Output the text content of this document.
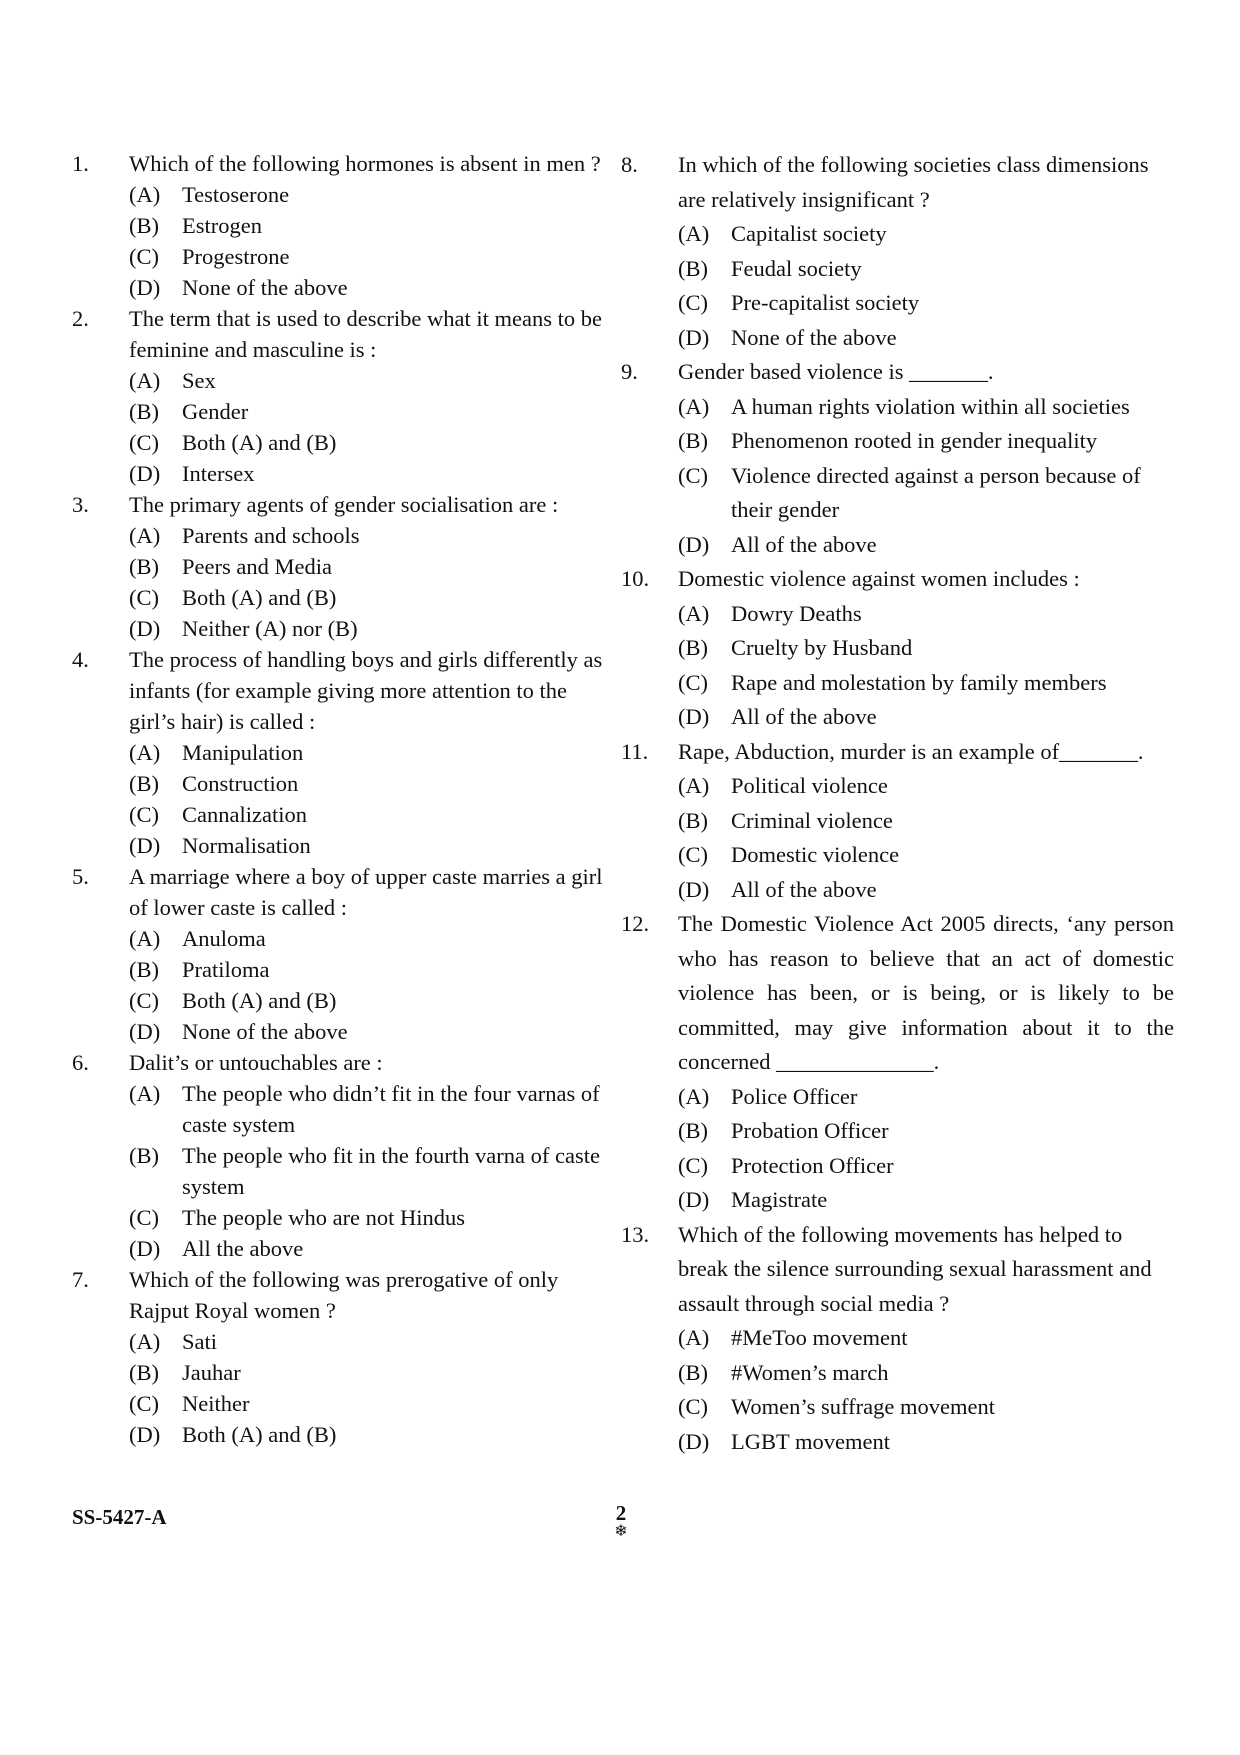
1.	Which of the following hormones is absent in men ?
(A) Testoserone
(B)	Estrogen
(C)	Progestrone
(D) None of the above
2.	The term that is used to describe what it means to be feminine and masculine is :
(A) Sex
(B)	Gender
(C)	Both (A) and (B)
(D) Intersex
3.	The primary agents of gender socialisation are :
(A) Parents and schools
(B)	Peers and Media
(C)	Both (A) and (B)
(D) Neither (A) nor (B)
4.	The process of handling boys and girls differently as infants (for example giving more attention to the girl’s hair) is called :
(A) Manipulation
(B)	Construction
(C)	Cannalization
(D) Normalisation
5.	A marriage where a boy of upper caste marries a girl of lower caste is called :
(A) Anuloma
(B)	Pratiloma
(C)	Both (A) and (B)
(D) None of the above
6.	Dalit’s or untouchables are :
(A) The people who didn’t fit in the four varnas of caste system
(B)	The people who fit in the fourth varna of caste system
(C)	The people who are not Hindus
(D) All the above
7.	Which of the following was prerogative of only Rajput Royal women ?
(A) Sati
(B)	Jauhar
(C)	Neither
(D) Both (A) and (B)
8.	In which of the following societies class dimensions are relatively insignificant ?
(A) Capitalist society
(B)	Feudal society
(C)	Pre-capitalist society
(D) None of the above
9.	Gender based violence is _______.
(A) A human rights violation within all societies
(B)	Phenomenon rooted in gender inequality
(C)	Violence directed against a person because of their gender
(D) All of the above
10.	Domestic violence against women includes :
(A) Dowry Deaths
(B)	Cruelty by Husband
(C)	Rape and molestation by family members
(D) All of the above
11.	Rape, Abduction, murder is an example of_______.
(A) Political violence
(B)	Criminal violence
(C)	Domestic violence
(D) All of the above
12.	The Domestic Violence Act 2005 directs, ‘any person who has reason to believe that an act of domestic violence has been, or is being, or is likely to be committed, may give information about it to the concerned ______________.
(A) Police Officer
(B)	Probation Officer
(C)	Protection Officer
(D) Magistrate
13.	Which of the following movements has helped to break the silence surrounding sexual harassment and assault through social media ?
(A) #MeToo movement
(B)	#Women’s march
(C)	Women’s suffrage movement
(D) LGBT movement
SS-5427-A	2
❄
